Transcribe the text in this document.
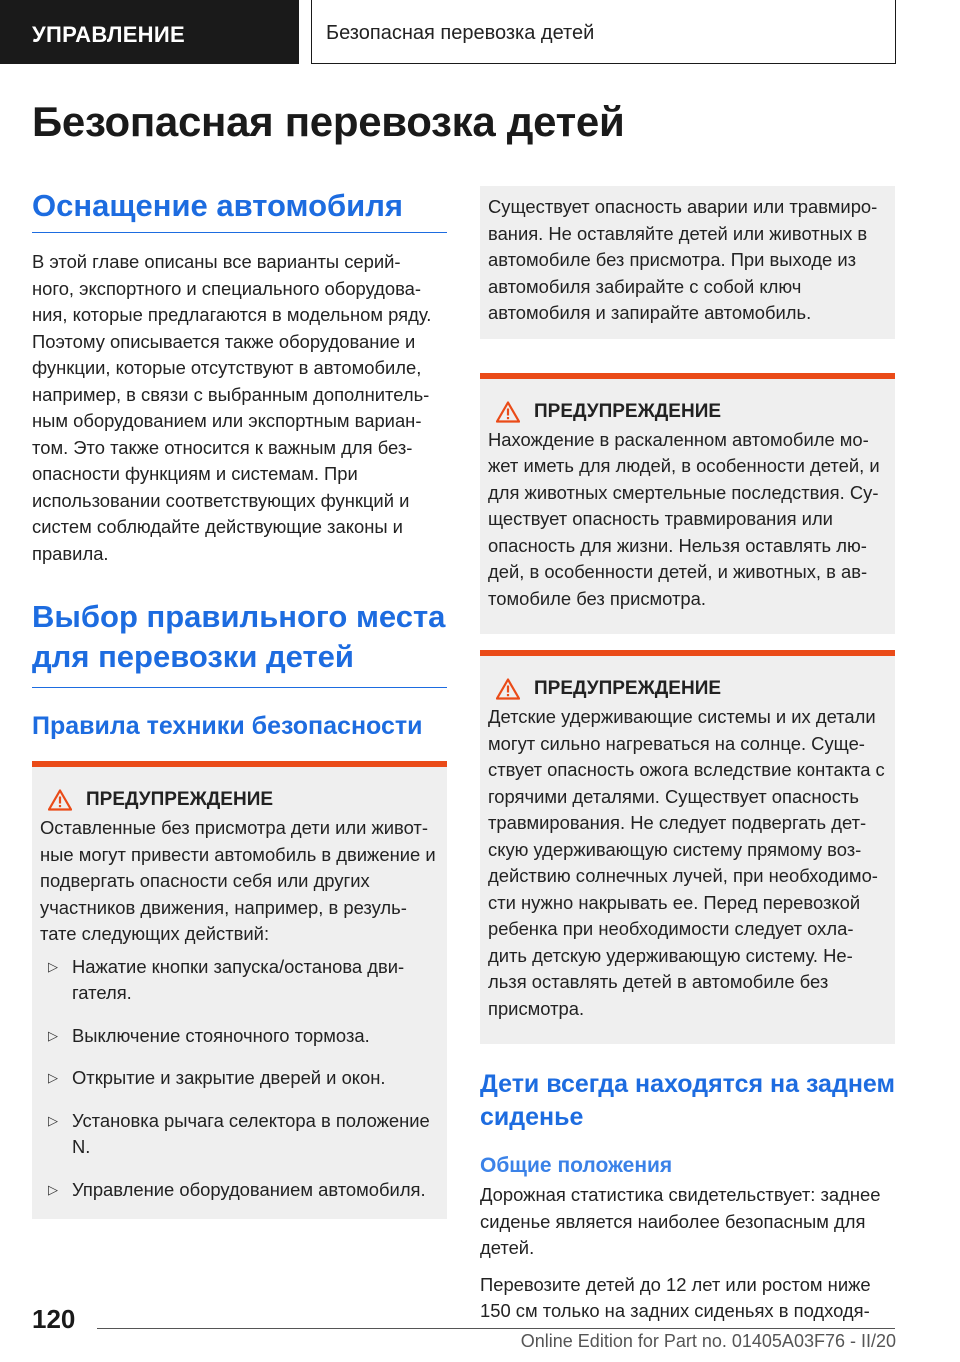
УПРАВЛЕНИЕ	Безопасная перевозка детей
Безопасная перевозка детей
Оснащение автомобиля

В этой главе описаны все варианты серий- ного, экспортного и специального оборудова- ния, которые предлагаются в модельном ряду. Поэтому описывается также оборудование и функции, которые отсутствуют в автомобиле, например, в связи с выбранным дополнитель- ным оборудованием или экспортным вариан- том. Это также относится к важным для без- опасности функциям и системам. При использовании соответствующих функций и систем соблюдайте действующие законы и правила.

Выбор правильного места для перевозки детей
Правила техники безопасности
ПРЕДУПРЕЖДЕНИЕ

Оставленные без присмотра дети или живот- ные могут привести автомобиль в движение и подвергать опасности себя или других участников движения, например, в резуль- тате следующих действий:

▷ Нажатие кнопки запуска/останова дви- гателя.
▷ Выключение стояночного тормоза.
▷ Открытие и закрытие дверей и окон.
▷ Установка рычага селектора в положение N.
▷ Управление оборудованием автомобиля.

Существует опасность аварии или травмиро- вания. Не оставляйте детей или животных в автомобиле без присмотра. При выходе из автомобиля забирайте с собой ключ автомобиля и запирайте автомобиль.

ПРЕДУПРЕЖДЕНИЕ

Нахождение в раскаленном автомобиле мо- жет иметь для людей, в особенности детей, и для животных смертельные последствия. Су- ществует опасность травмирования или опасность для жизни. Нельзя оставлять лю- дей, в особенности детей, и животных, в ав- томобиле без присмотра.

ПРЕДУПРЕЖДЕНИЕ

Детские удерживающие системы и их детали могут сильно нагреваться на солнце. Суще- ствует опасность ожога вследствие контакта с горячими деталями. Существует опасность травмирования. Не следует подвергать дет- скую удерживающую систему прямому воз- действию солнечных лучей, при необходимо- сти нужно накрывать ее. Перед перевозкой ребенка при необходимости следует охла- дить детскую удерживающую систему. Не- льзя оставлять детей в автомобиле без присмотра.

Дети всегда находятся на заднем сиденье
Общие положения

Дорожная статистика свидетельствует: заднее сиденье является наиболее безопасным для детей.

Перевозите детей до 12 лет или ростом ниже 150 см только на задних сиденьях в подходя-

120
Online Edition for Part no. 01405A03F76 - II/20
